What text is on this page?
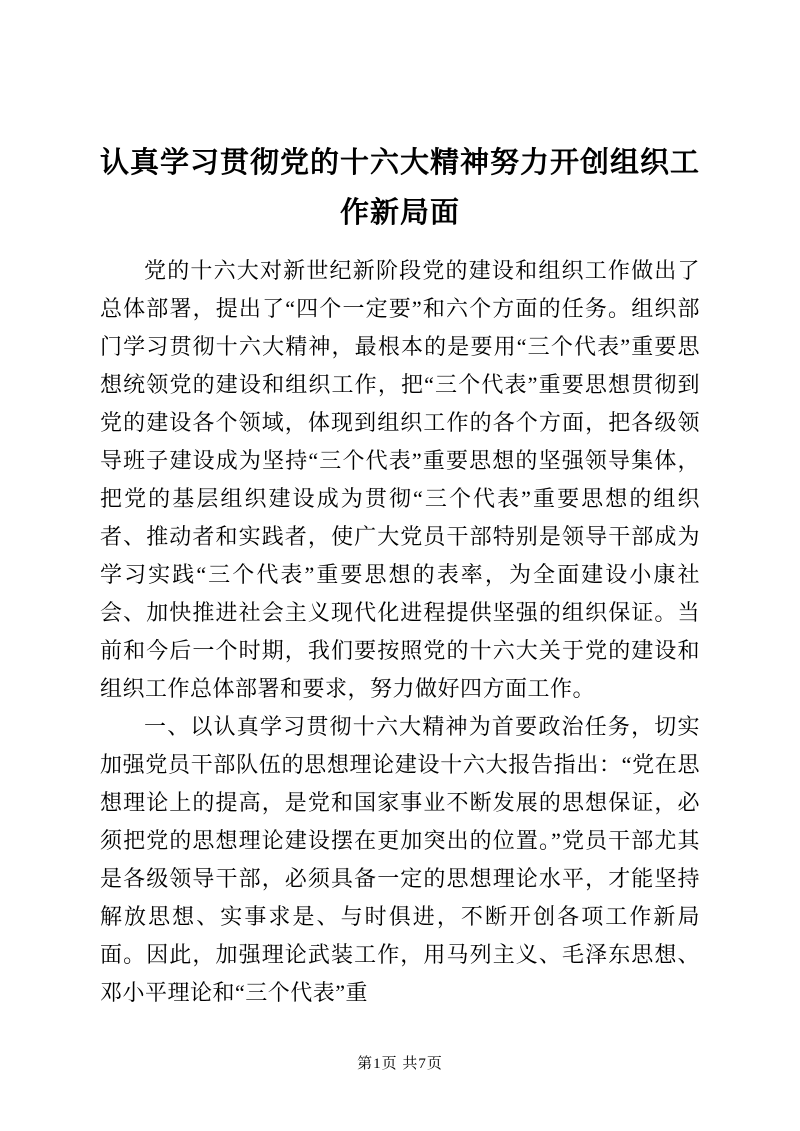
认真学习贯彻党的十六大精神努力开创组织工作新局面

党的十六大对新世纪新阶段党的建设和组织工作做出了总体部署，提出了“四个一定要”和六个方面的任务。组织部门学习贯彻十六大精神，最根本的是要用“三个代表”重要思想统领党的建设和组织工作，把“三个代表”重要思想贯彻到党的建设各个领域，体现到组织工作的各个方面，把各级领导班子建设成为坚持“三个代表”重要思想的坚强领导集体，把党的基层组织建设成为贯彻“三个代表”重要思想的组织者、推动者和实践者，使广大党员干部特别是领导干部成为学习实践“三个代表”重要思想的表率，为全面建设小康社会、加快推进社会主义现代化进程提供坚强的组织保证。当前和今后一个时期，我们要按照党的十六大关于党的建设和组织工作总体部署和要求，努力做好四方面工作。

一、以认真学习贯彻十六大精神为首要政治任务，切实加强党员干部队伍的思想理论建设十六大报告指出：“党在思想理论上的提高，是党和国家事业不断发展的思想保证，必须把党的思想理论建设摆在更加突出的位置。”党员干部尤其是各级领导干部，必须具备一定的思想理论水平，才能坚持解放思想、实事求是、与时俱进，不断开创各项工作新局面。因此，加强理论武装工作，用马列主义、毛泽东思想、邓小平理论和“三个代表”重

第1页 共7页
